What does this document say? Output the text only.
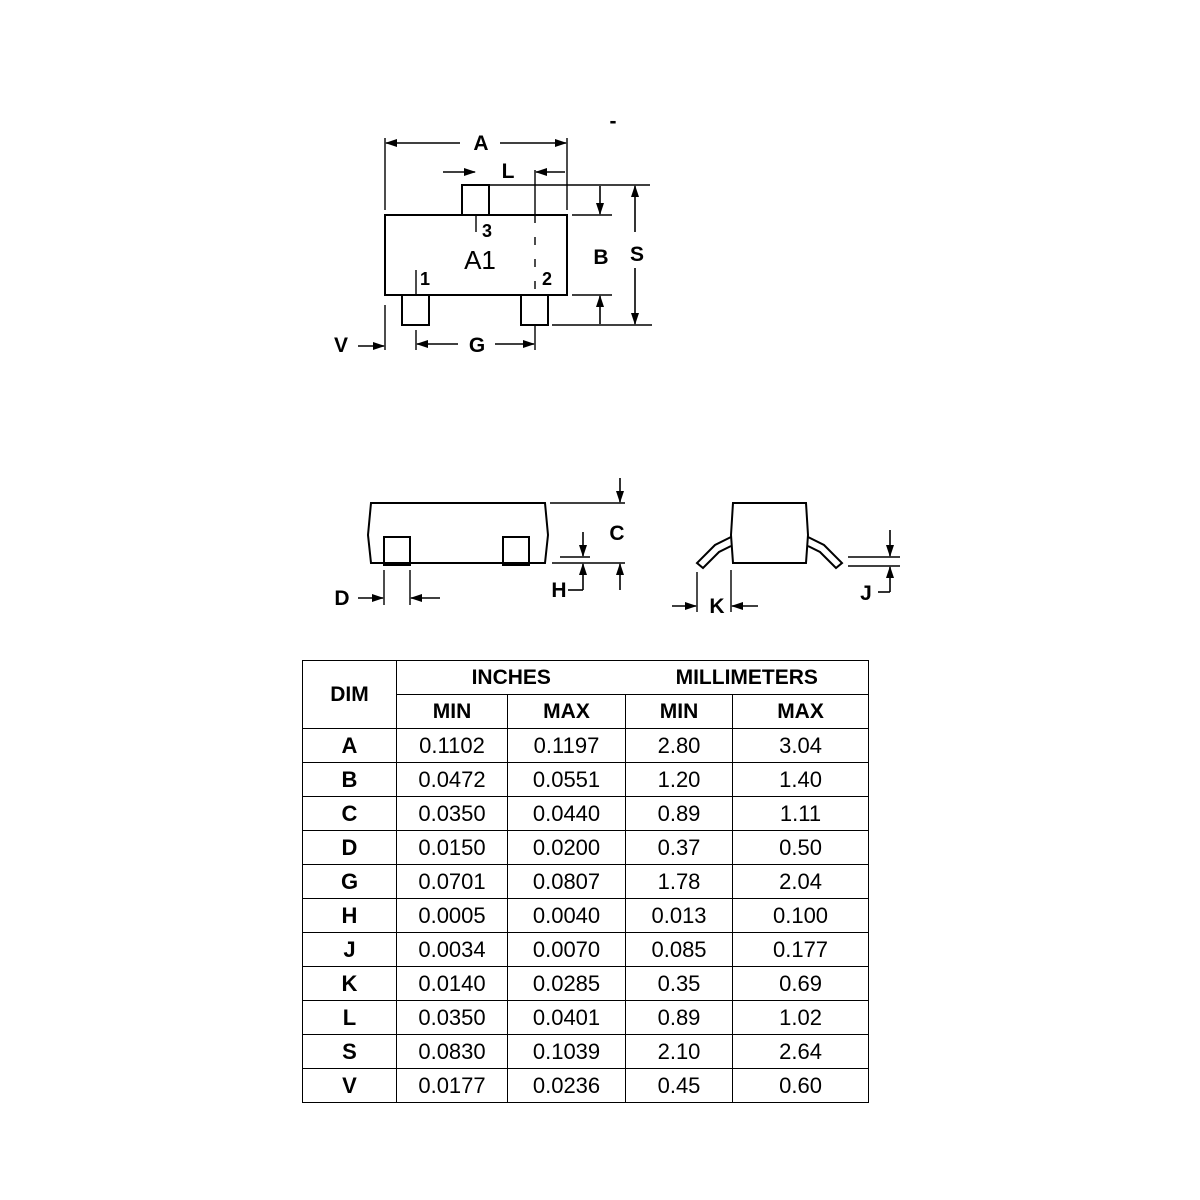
-
A1
1	2
3
A
L
B S
V	G
C
H
D	K
J
DIM	INCHES		MILLIMETERS	
	MIN	MAX	MIN	MAX
A	0.1102	0.1197	2.80	3.04
B	0.0472	0.0551	1.20	1.40
C	0.0350	0.0440	0.89	1.11
D	0.0150	0.0200	0.37	0.50
G	0.0701	0.0807	1.78	2.04
H	0.0005	0.0040	0.013	0.100
J	0.0034	0.0070	0.085	0.177
K	0.0140	0.0285	0.35	0.69
L	0.0350	0.0401	0.89	1.02
S	0.0830	0.1039	2.10	2.64
V	0.0177	0.0236	0.45	0.60
